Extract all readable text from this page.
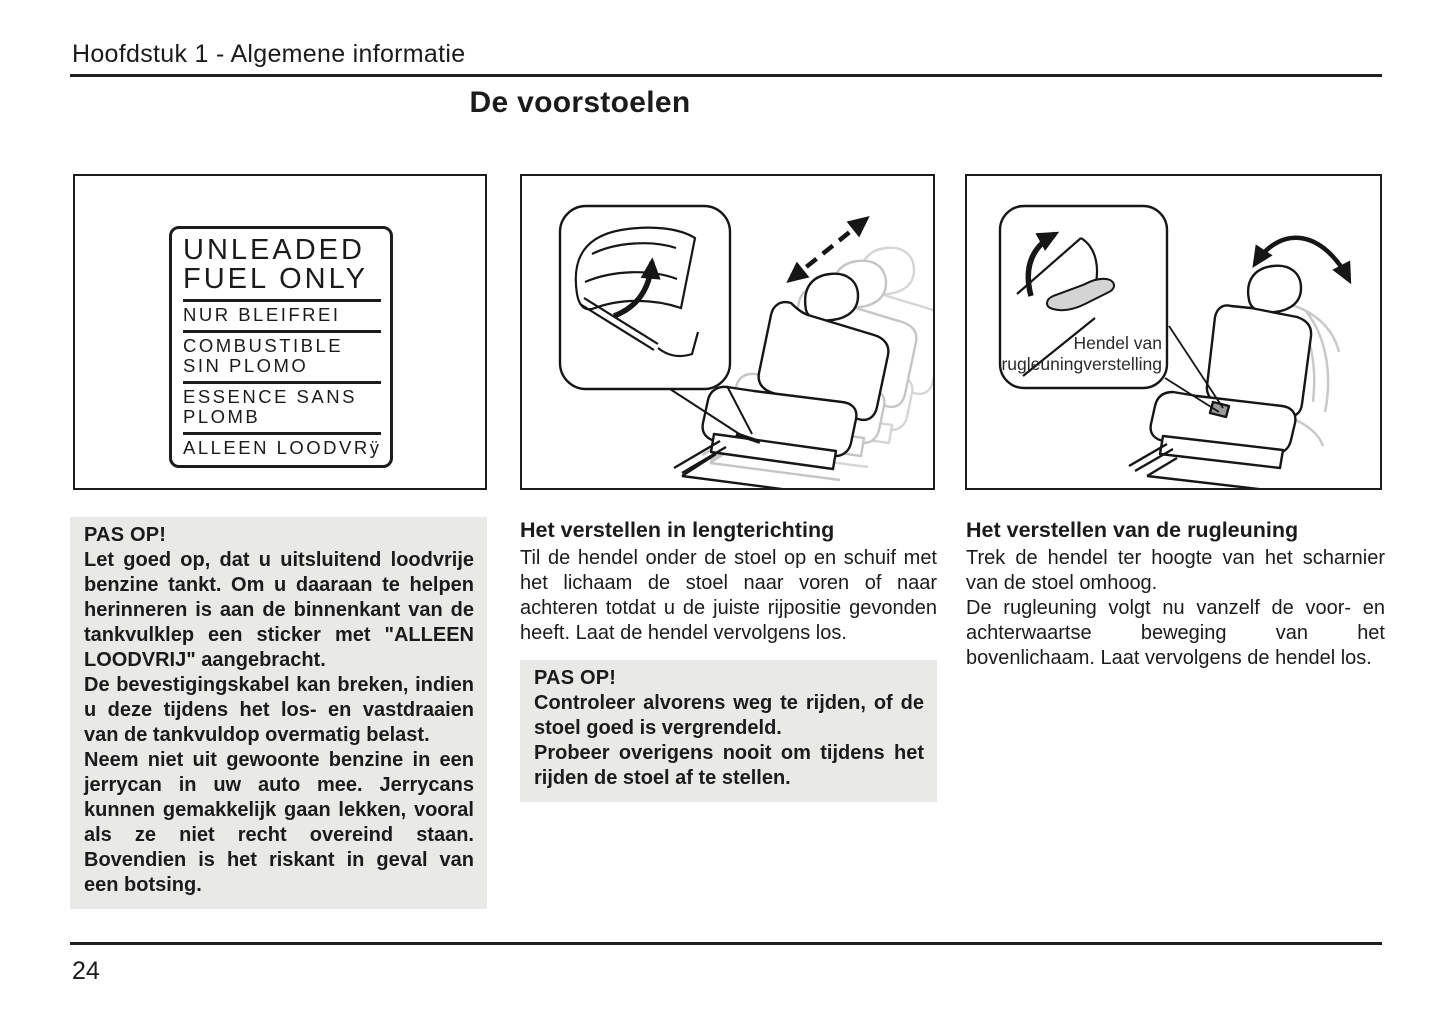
Hoofdstuk 1 - Algemene informatie
De voorstoelen
UNLEADED
FUEL ONLY
NUR BLEIFREI
COMBUSTIBLE
SIN PLOMO
ESSENCE SANS
PLOMB
ALLEEN LOODVRÿ
Hendel van
rugleuningverstelling

PAS OP!

Let goed op, dat u uitsluitend loodvrije benzine tankt. Om u daaraan te helpen herinneren is aan de binnenkant van de tankvulklep een sticker met "ALLEEN LOODVRIJ" aangebracht.

De bevestigingskabel kan breken, indien u deze tijdens het los- en vastdraaien van de tankvuldop overmatig belast.

Neem niet uit gewoonte benzine in een jerrycan in uw auto mee. Jerrycans kunnen gemakkelijk gaan lekken, vooral als ze niet recht overeind staan. Bovendien is het riskant in geval van een botsing.

Het verstellen in lengterichting

Til de hendel onder de stoel op en schuif met het lichaam de stoel naar voren of naar achteren totdat u de juiste rijpositie gevonden heeft. Laat de hendel vervolgens los.

PAS OP!

Controleer alvorens weg te rijden, of de stoel goed is vergrendeld.

Probeer overigens nooit om tijdens het rijden de stoel af te stellen.

Het verstellen van de rugleuning

Trek de hendel ter hoogte van het scharnier van de stoel omhoog.

De rugleuning volgt nu vanzelf de voor- en achterwaartse beweging van het bovenlichaam. Laat vervolgens de hendel los.

24
